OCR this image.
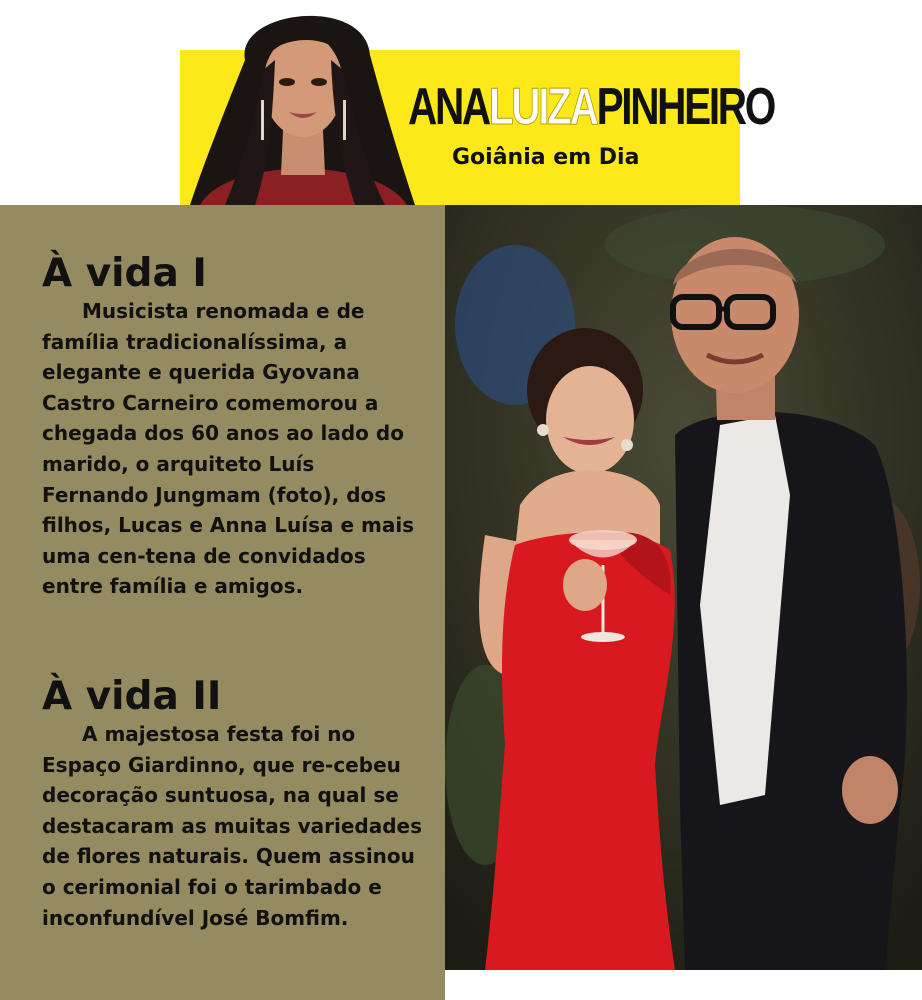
ANALUIZAPINHEIRO
Goiânia em Dia
À vida I

Musicista renomada e de família tradicionalíssima, a elegante e querida Gyovana Castro Carneiro comemorou a chegada dos 60 anos ao lado do marido, o arquiteto Luís Fernando Jungmam (foto), dos filhos, Lucas e Anna Luísa e mais uma cen-tena de convidados entre família e amigos.

À vida II

A majestosa festa foi no Espaço Giardinno, que re-cebeu decoração suntuosa, na qual se destacaram as muitas variedades de flores naturais. Quem assinou o cerimonial foi o tarimbado e inconfundível José Bomfim.
